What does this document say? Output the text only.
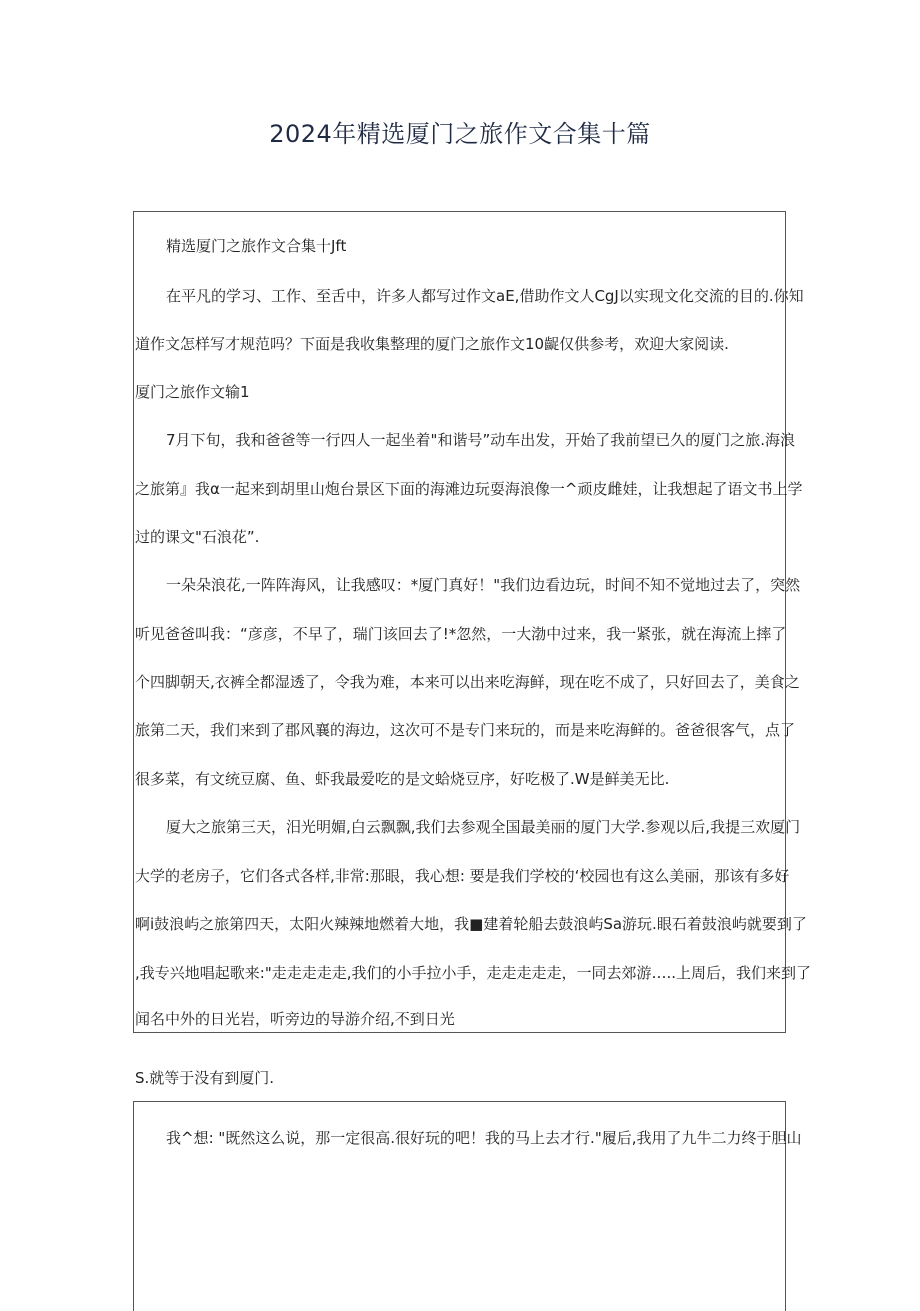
2024年精选厦门之旅作文合集十篇
精选厦门之旅作文合集十Jft
在平凡的学习、工作、至舌中，许多人都写过作文aE,借助作文人CgJ以实现文化交流的目的.你知
道作文怎样写才规范吗？下面是我收集整理的厦门之旅作文10齪仅供参考，欢迎大家阅读.
厦门之旅作文输1
7月下旬，我和爸爸等一行四人一起坐着"和谐号”动车出发，开始了我前望已久的厦门之旅.海浪
之旅第』我α一起来到胡里山炮台景区下面的海滩边玩耍海浪像一^顽皮雌娃，让我想起了语文书上学
过的课文"石浪花”.
一朵朵浪花,一阵阵海风，让我感叹：*厦门真好！"我们边看边玩，时间不知不觉地过去了，突然
听见爸爸叫我：“彦彦，不早了，瑞门该回去了!*忽然，一大渤中过来，我一紧张，就在海流上摔了
个四脚朝天,衣裤全都湿透了，令我为难，本来可以出来吃海鲜，现在吃不成了，只好回去了，美食之
旅第二天，我们来到了郡风襄的海边，这次可不是专门来玩的，而是来吃海鲜的。爸爸很客气，点了
很多菜，有文统豆腐、鱼、虾我最爱吃的是文蛤烧豆序，好吃极了.W是鲜美无比.
厦大之旅第三天，汨光明媚,白云飘飘,我们去参观全国最美丽的厦门大学.参观以后,我提三欢厦门
大学的老房子，它们各式各样,非常:那眼，我心想: 要是我们学校的‘校园也有这么美丽，那该有多好
啊i鼓浪屿之旅第四天，太阳火辣辣地燃着大地，我■建着轮船去鼓浪屿Sa游玩.眼石着鼓浪屿就要到了
,我专兴地唱起歌来:"走走走走走,我们的小手拉小手，走走走走走，一同去郊游…..上周后，我们来到了
闻名中外的日光岩，听旁边的导游介绍,不到日光
S.就等于没有到厦门.
我^想: "既然这么说，那一定很高.很好玩的吧！我的马上去才行."履后,我用了九牛二力终于胆山
